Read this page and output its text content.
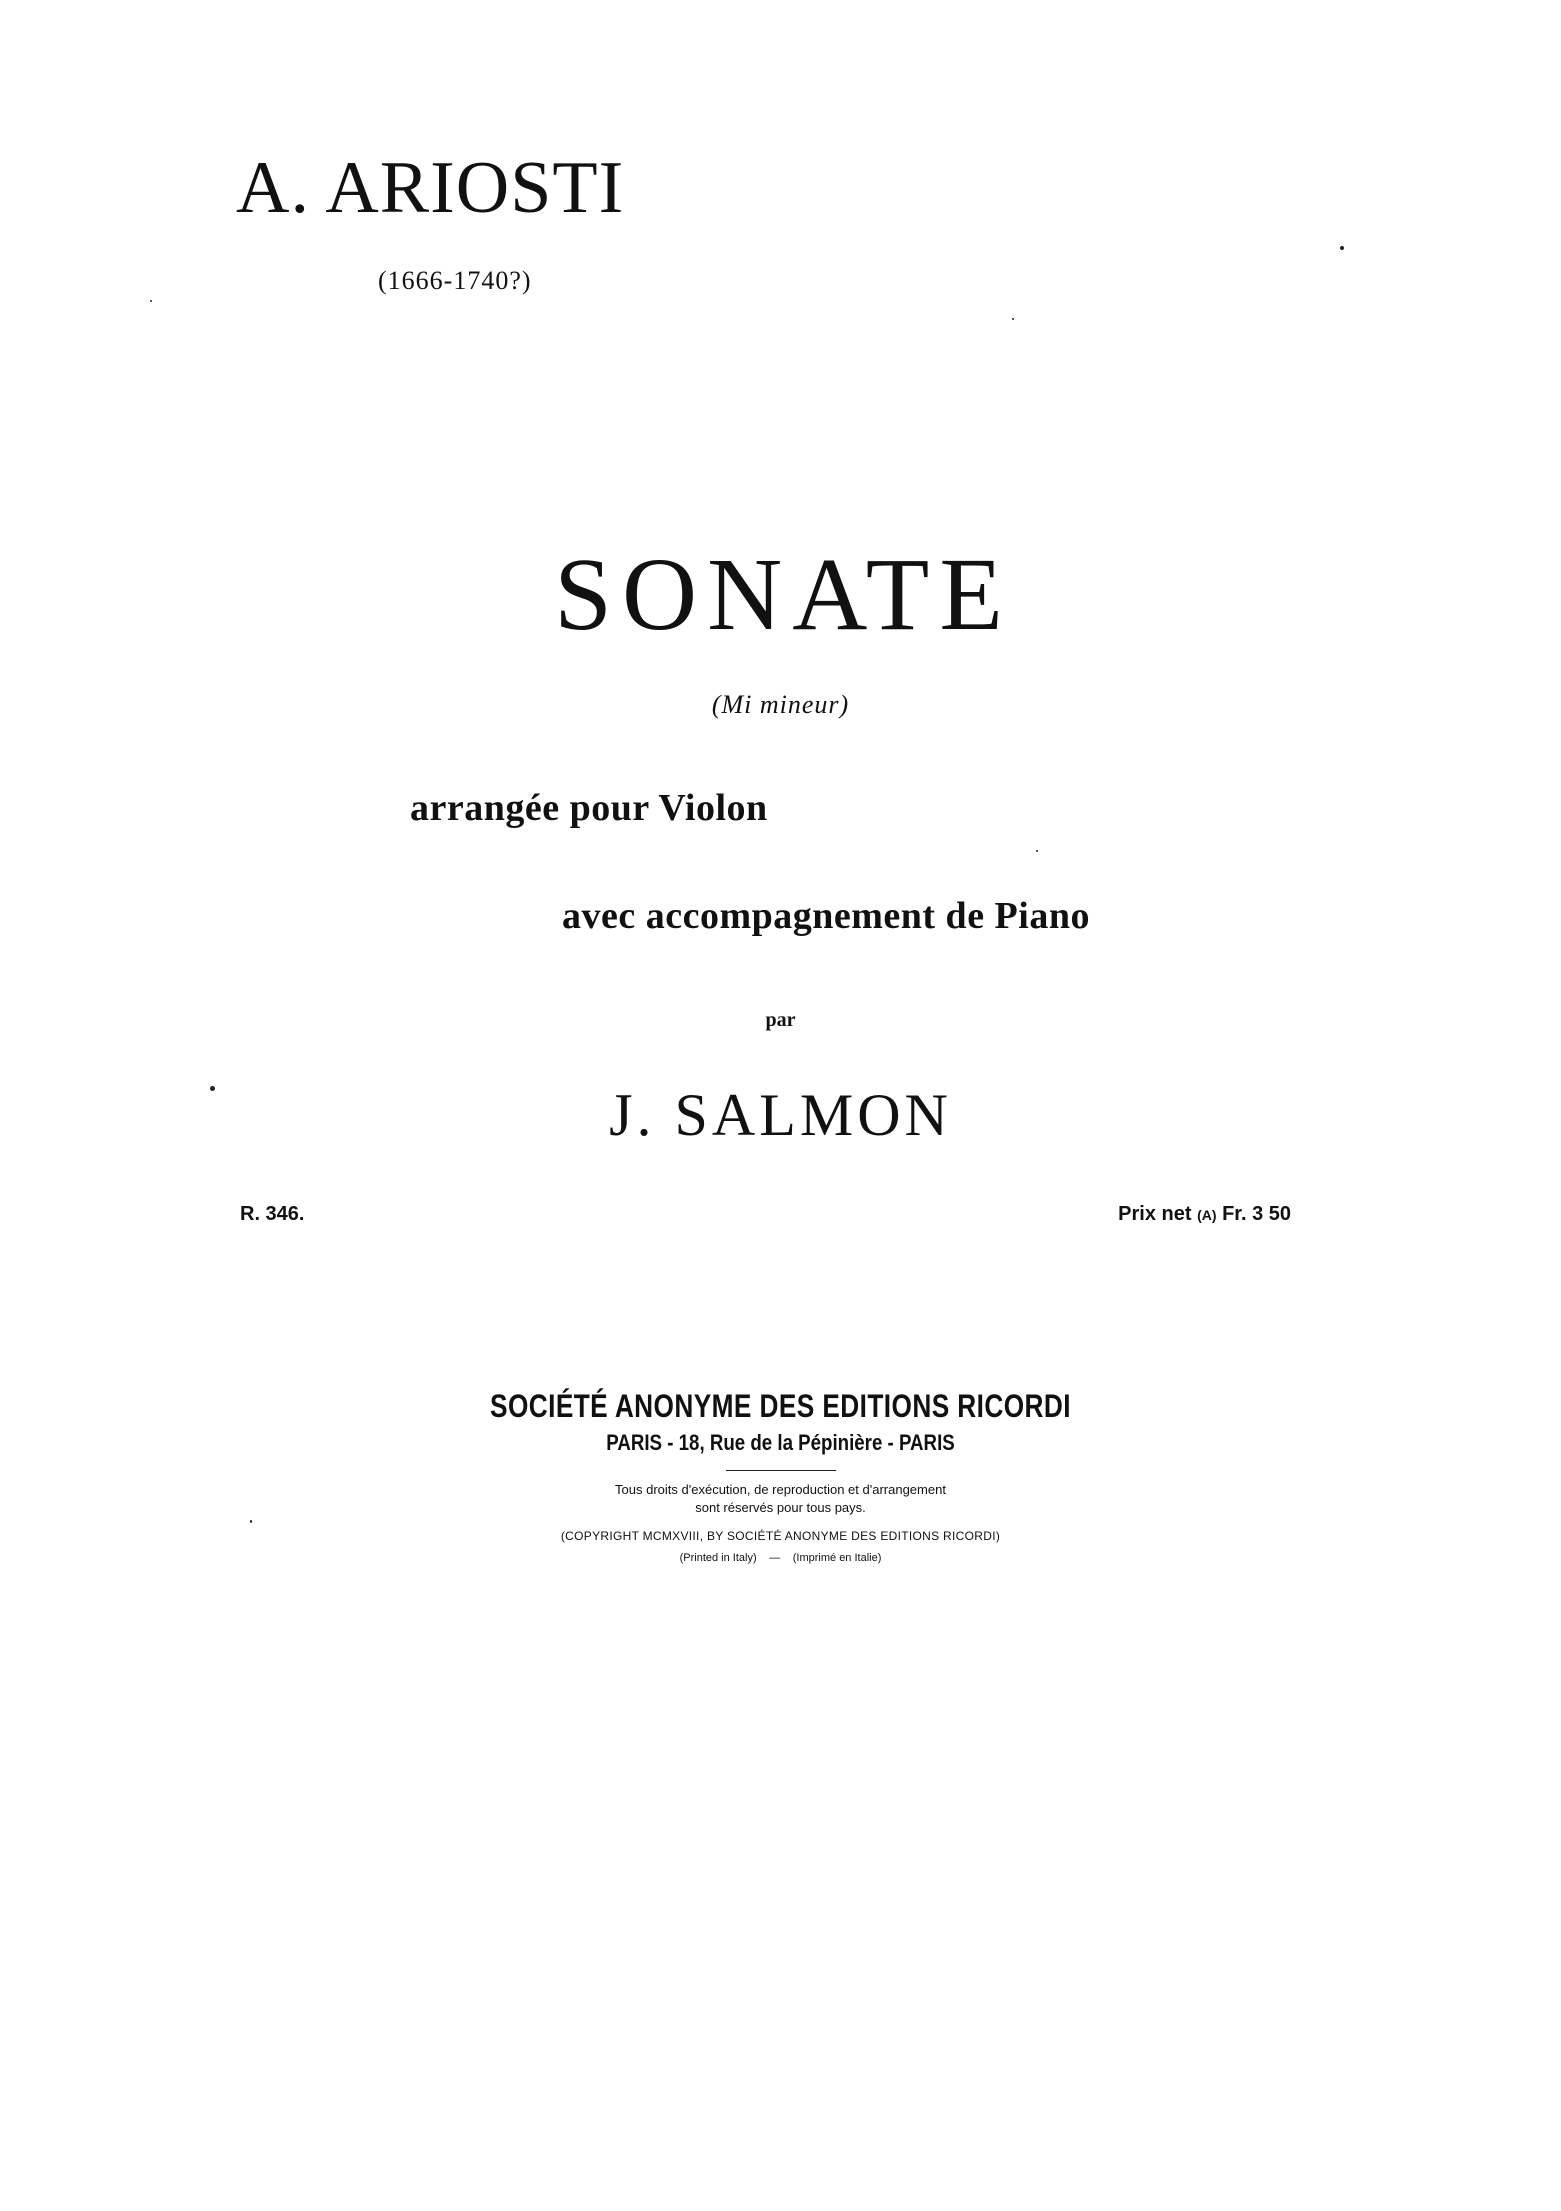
A. ARIOSTI
(1666-1740?)
SONATE
(Mi mineur)
arrangée pour Violon
avec accompagnement de Piano
par
J. SALMON
R. 346.	Prix net (A) Fr. 3 50
SOCIÉTÉ ANONYME DES EDITIONS RICORDI
PARIS - 18, Rue de la Pépinière - PARIS
Tous droits d'exécution, de reproduction et d'arrangement
sont réservés pour tous pays.
(COPYRIGHT MCMXVIII, BY SOCIÉTÉ ANONYME DES EDITIONS RICORDI)
(Printed in Italy) — (Imprimé en Italie)
